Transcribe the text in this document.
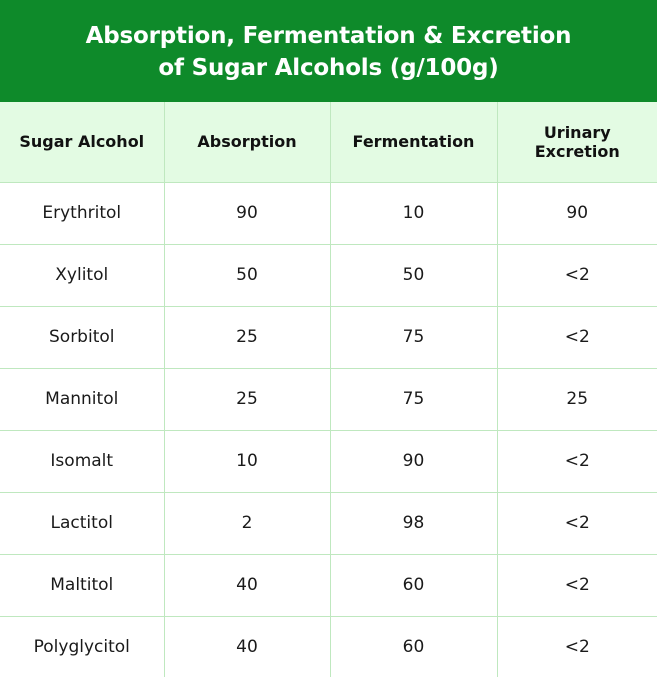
Absorption, Fermentation & Excretion
of Sugar Alcohols (g/100g)
Sugar Alcohol	Absorption	Fermentation	Urinary
Excretion
Erythritol	90	10	90
Xylitol	50	50	<2
Sorbitol	25	75	<2
Mannitol	25	75	25
Isomalt	10	90	<2
Lactitol	2	98	<2
Maltitol	40	60	<2
Polyglycitol	40	60	<2
